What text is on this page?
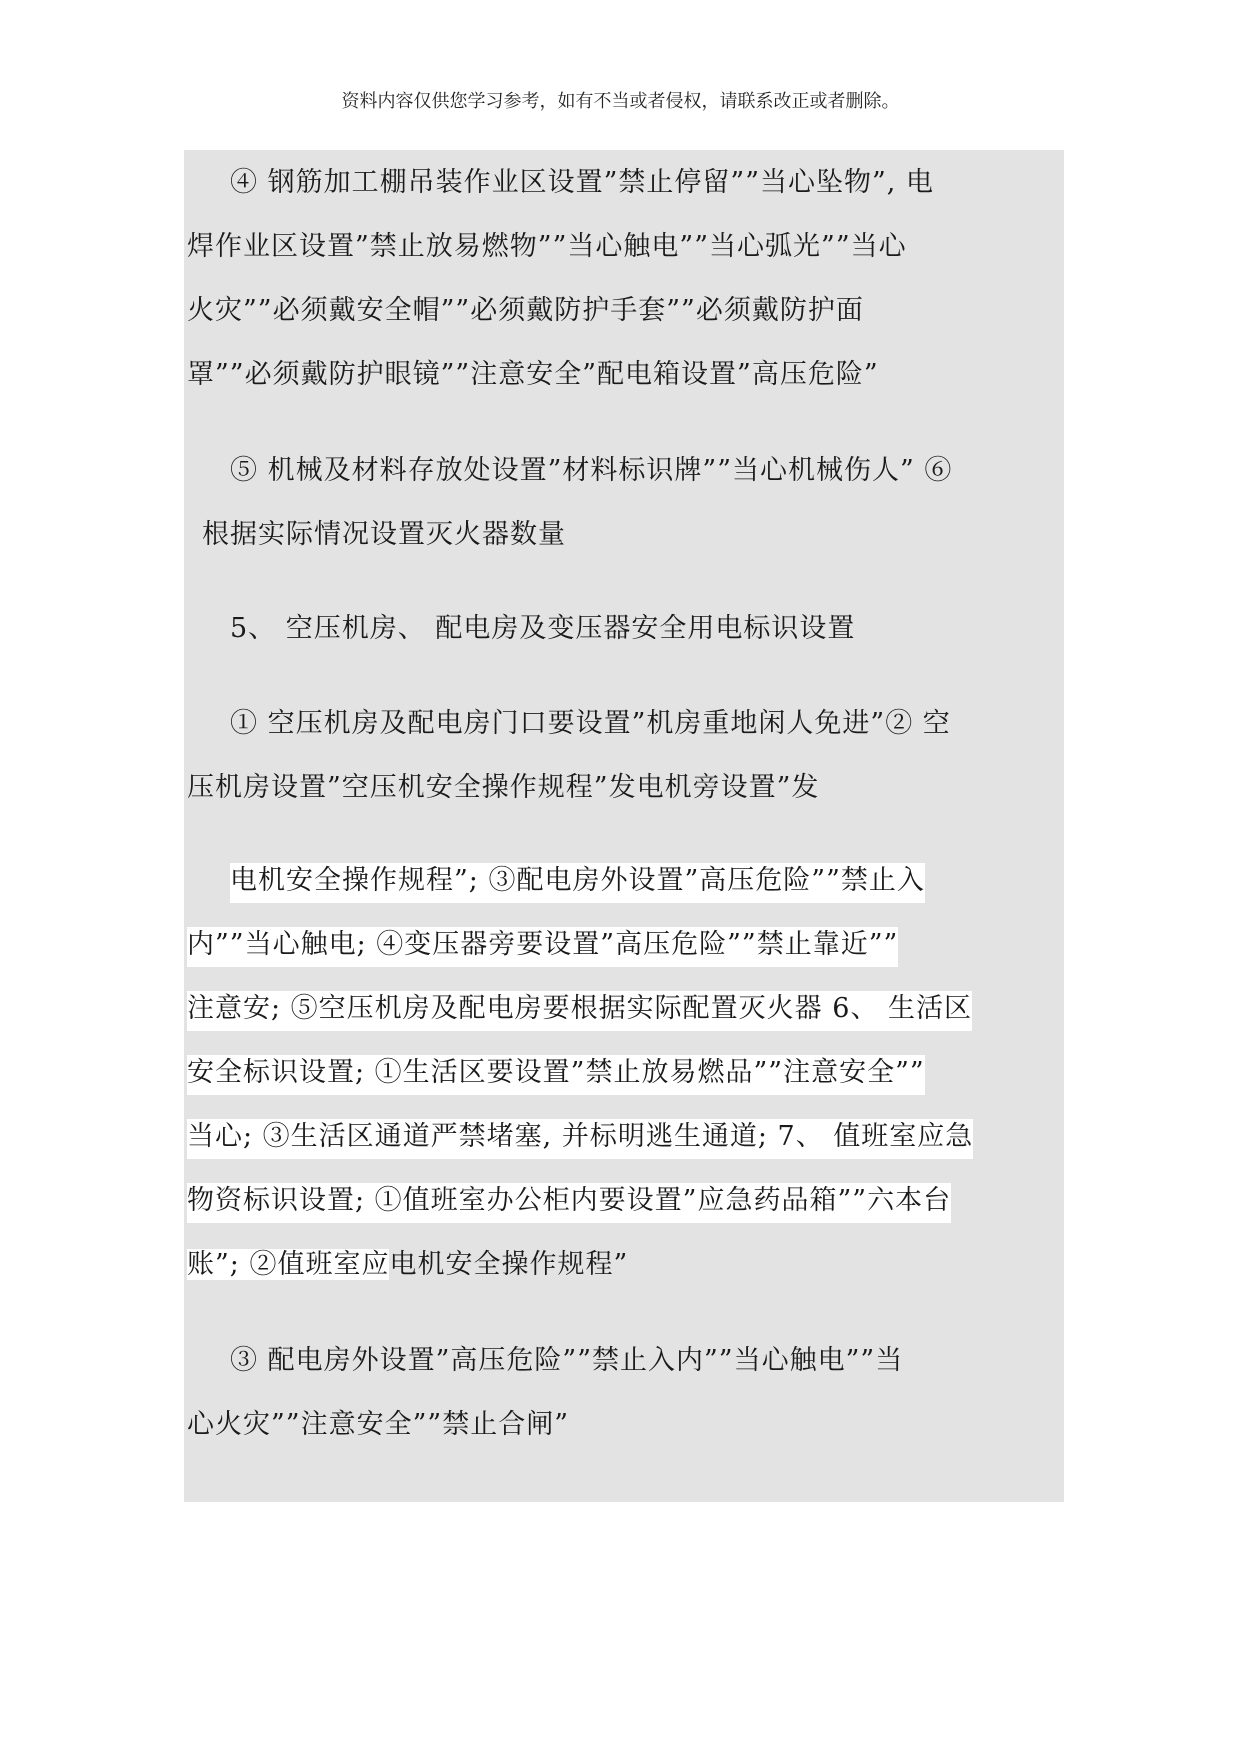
资料内容仅供您学习参考，如有不当或者侵权，请联系改正或者删除。
④ 钢筋加工棚吊装作业区设置”禁止停留””当心坠物”, 电
焊作业区设置”禁止放易燃物””当心触电””当心弧光””当心
火灾””必须戴安全帽””必须戴防护手套””必须戴防护面
罩””必须戴防护眼镜””注意安全”配电箱设置”高压危险”
⑤ 机械及材料存放处设置”材料标识牌””当心机械伤人” ⑥
根据实际情况设置灭火器数量
5、 空压机房、 配电房及变压器安全用电标识设置
① 空压机房及配电房门口要设置”机房重地闲人免进”② 空
压机房设置”空压机安全操作规程”发电机旁设置”发
电机安全操作规程”; ③配电房外设置”高压危险””禁止入
内””当心触电; ④变压器旁要设置”高压危险””禁止靠近””
注意安; ⑤空压机房及配电房要根据实际配置灭火器 6、 生活区
安全标识设置; ①生活区要设置”禁止放易燃品””注意安全””
当心; ③生活区通道严禁堵塞, 并标明逃生通道; 7、 值班室应急
物资标识设置; ①值班室办公柜内要设置”应急药品箱””六本台
账”; ②值班室应电机安全操作规程”
③ 配电房外设置”高压危险””禁止入内””当心触电””当
心火灾””注意安全””禁止合闸”
